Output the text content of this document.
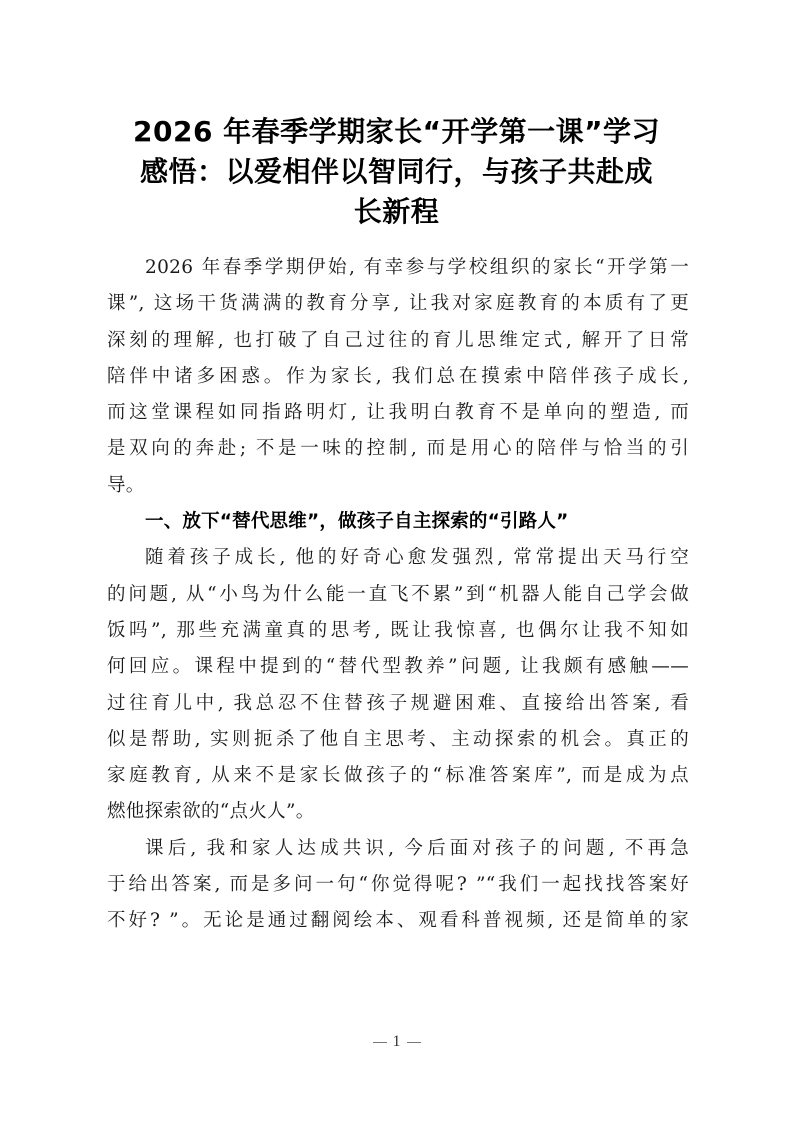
2026 年春季学期家长“开学第一课”学习
感悟：以爱相伴以智同行，与孩子共赴成
长新程
2026 年春季学期伊始, 有幸参与学校组织的家长“开学第一
课”, 这场干货满满的教育分享, 让我对家庭教育的本质有了更
深刻的理解, 也打破了自己过往的育儿思维定式, 解开了日常
陪伴中诸多困惑。作为家长, 我们总在摸索中陪伴孩子成长,
而这堂课程如同指路明灯, 让我明白教育不是单向的塑造, 而
是双向的奔赴; 不是一味的控制, 而是用心的陪伴与恰当的引
导。
一、放下“替代思维”，做孩子自主探索的“引路人”
随着孩子成长, 他的好奇心愈发强烈, 常常提出天马行空
的问题, 从“小鸟为什么能一直飞不累”到“机器人能自己学会做
饭吗”, 那些充满童真的思考, 既让我惊喜, 也偶尔让我不知如
何回应。课程中提到的“替代型教养”问题, 让我颇有感触——
过往育儿中, 我总忍不住替孩子规避困难、直接给出答案, 看
似是帮助, 实则扼杀了他自主思考、主动探索的机会。真正的
家庭教育, 从来不是家长做孩子的“标准答案库”, 而是成为点
燃他探索欲的“点火人”。
课后, 我和家人达成共识, 今后面对孩子的问题, 不再急
于给出答案, 而是多问一句“你觉得呢? ”“我们一起找找答案好
不好? ”。无论是通过翻阅绘本、观看科普视频, 还是简单的家
1
